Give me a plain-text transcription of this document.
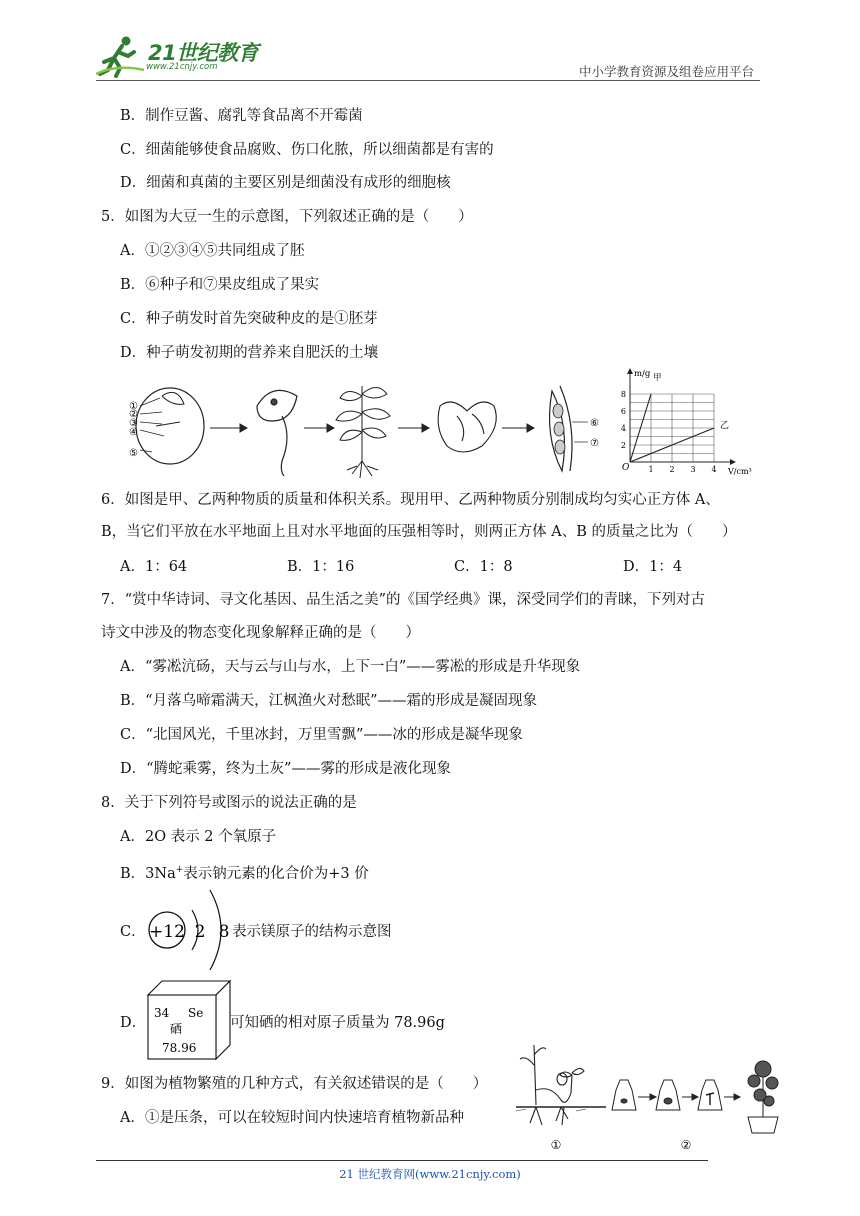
21世纪教育
www.21cnjy.com	中小学教育资源及组卷应用平台
B．制作豆酱、腐乳等食品离不开霉菌
C．细菌能够使食品腐败、伤口化脓，所以细菌都是有害的
D．细菌和真菌的主要区别是细菌没有成形的细胞核
5．如图为大豆一生的示意图，下列叙述正确的是（　　）
A．①②③④⑤共同组成了胚
B．⑥种子和⑦果皮组成了果实
C．种子萌发时首先突破种皮的是①胚芽
D．种子萌发初期的营养来自肥沃的土壤
①
②
③
④
⑤
⑥
⑦
m/g
V/cm³
O
8
6
4
2
1 2 3 4
甲
乙
6．如图是甲、乙两种物质的质量和体积关系。现用甲、乙两种物质分别制成均匀实心正方体 A、
B，当它们平放在水平地面上且对水平地面的压强相等时，则两正方体 A、B 的质量之比为（　　）
A．1：64	B．1：16	C．1：8	D．1：4
7．“赏中华诗词、寻文化基因、品生活之美”的《国学经典》课，深受同学们的青睐，下列对古
诗文中涉及的物态变化现象解释正确的是（　　）
A．“雾凇沆砀，天与云与山与水，上下一白”——雾凇的形成是升华现象
B．“月落乌啼霜满天，江枫渔火对愁眠”——霜的形成是凝固现象
C．“北国风光，千里冰封，万里雪飘”——冰的形成是凝华现象
D．“腾蛇乘雾，终为土灰”——雾的形成是液化现象
8．关于下列符号或图示的说法正确的是
A．2O 表示 2 个氧原子
B．3Na+表示钠元素的化合价为+3 价
C． +12 2 8 表示镁原子的结构示意图
D．
34 Se
硒
78.96
可知硒的相对原子质量为 78.96g
9．如图为植物繁殖的几种方式，有关叙述错误的是（　　）
A．①是压条，可以在较短时间内快速培育植物新品种
①	②
21 世纪教育网(www.21cnjy.com)
